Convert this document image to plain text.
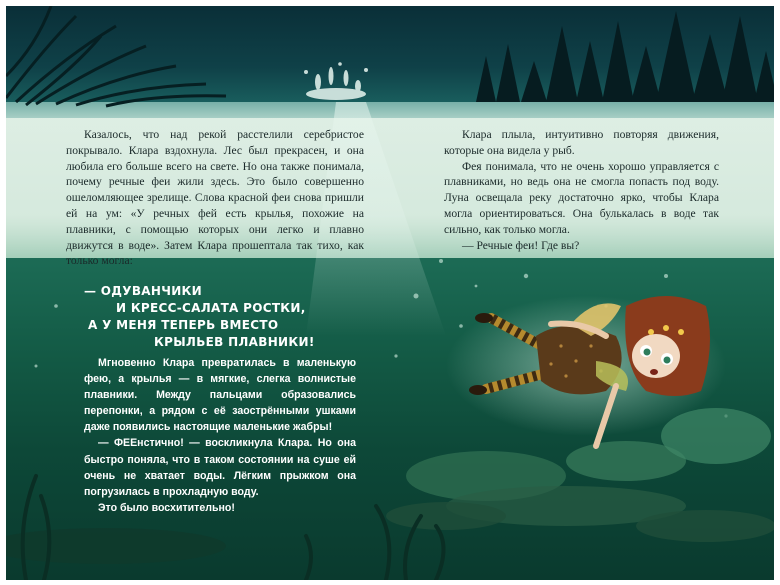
Казалось, что над рекой расстелили серебристое покрывало. Клара вздохнула. Лес был прекрасен, и она любила его больше всего на свете. Но она также понимала, почему речные феи жили здесь. Это было совершенно ошеломляющее зрелище. Слова красной феи снова пришли ей на ум: «У речных фей есть крылья, похожие на плавники, с помощью которых они легко и плавно движутся в воде». Затем Клара прошептала так тихо, как только могла:

— ОДУВАНЧИКИ
И КРЕСС-САЛАТА РОСТКИ,
А У МЕНЯ ТЕПЕРЬ ВМЕСТО
КРЫЛЬЕВ ПЛАВНИКИ!

Мгновенно Клара превратилась в маленькую фею, а крылья — в мягкие, слегка волнистые плавники. Между пальцами образовались перепонки, а рядом с её заострёнными ушками даже появились настоящие маленькие жабры!

— ФЕЕнстично! — воскликнула Клара. Но она быстро поняла, что в таком состоянии на суше ей очень не хватает воды. Лёгким прыжком она погрузилась в прохладную воду.

Это было восхитительно!

Клара плыла, интуитивно повторяя движения, которые она видела у рыб.

Фея понимала, что не очень хорошо управляется с плавниками, но ведь она не смогла попасть под воду. Луна освещала реку достаточно ярко, чтобы Клара могла ориентироваться. Она булькалась в воде так сильно, как только могла.

— Речные феи! Где вы?
